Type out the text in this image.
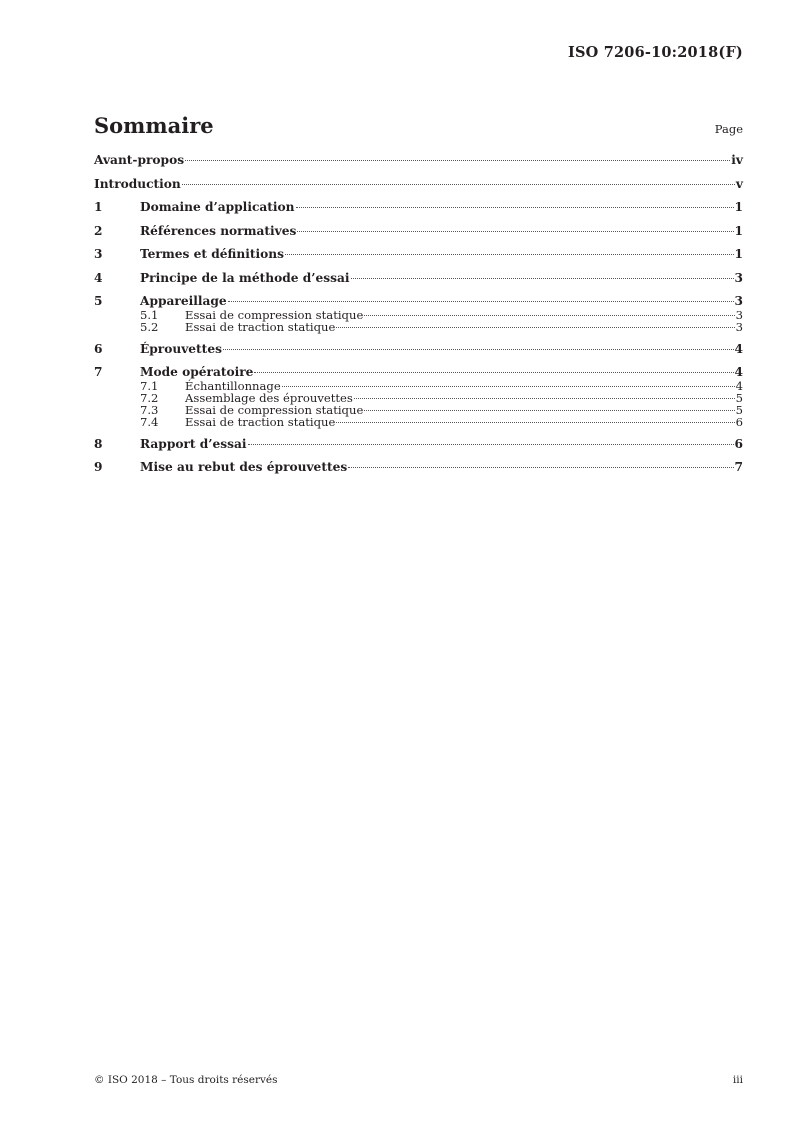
ISO 7206-10:2018(F)
Sommaire	Page
Avant-propos	iv
Introduction	v
1	Domaine d’application	1
2	Références normatives	1
3	Termes et définitions	1
4	Principe de la méthode d’essai	3
5	Appareillage	3
5.1	Essai de compression statique	3
5.2	Essai de traction statique	3
6	Éprouvettes	4
7	Mode opératoire	4
7.1	Échantillonnage	4
7.2	Assemblage des éprouvettes	5
7.3	Essai de compression statique	5
7.4	Essai de traction statique	6
8	Rapport d’essai	6
9	Mise au rebut des éprouvettes	7
© ISO 2018 – Tous droits réservés	iii
